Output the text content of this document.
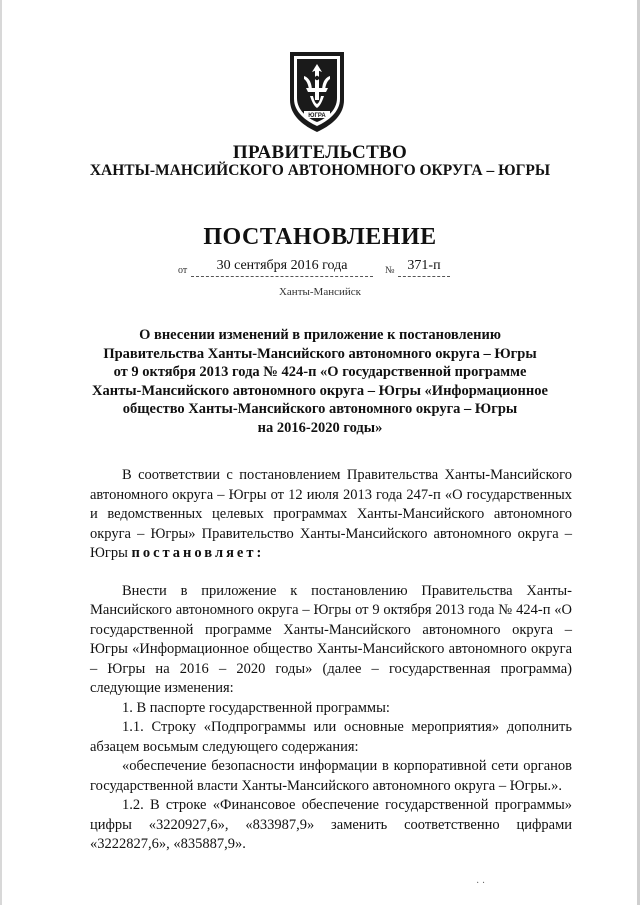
ЮГРА
ПРАВИТЕЛЬСТВО
ХАНТЫ-МАНСИЙСКОГО АВТОНОМНОГО ОКРУГА – ЮГРЫ
ПОСТАНОВЛЕНИЕ
от	30 сентября 2016 года	№ 371-п
Ханты-Мансийск
О внесении изменений в приложение к постановлению
Правительства Ханты-Мансийского автономного округа – Югры
от 9 октября 2013 года № 424-п «О государственной программе
Ханты-Мансийского автономного округа – Югры «Информационное
общество Ханты-Мансийского автономного округа – Югры
на 2016-2020 годы»

В соответствии с постановлением Правительства Ханты-Мансийского автономного округа – Югры от 12 июля 2013 года 247-п «О государственных и ведомственных целевых программах Ханты-Мансийского автономного округа – Югры» Правительство Ханты-Мансийского автономного округа – Югры постановляет:

Внести в приложение к постановлению Правительства Ханты-Мансийского автономного округа – Югры от 9 октября 2013 года № 424-п «О государственной программе Ханты-Мансийского автономного округа – Югры «Информационное общество Ханты-Мансийского автономного округа – Югры на 2016 – 2020 годы» (далее – государственная программа) следующие изменения:

1. В паспорте государственной программы:

1.1. Строку «Подпрограммы или основные мероприятия» дополнить абзацем восьмым следующего содержания:

«обеспечение безопасности информации в корпоративной сети органов государственной власти Ханты-Мансийского автономного округа – Югры.».

1.2. В строке «Финансовое обеспечение государственной программы» цифры «3220927,6», «833987,9» заменить соответственно цифрами «3222827,6», «835887,9».

· ·
